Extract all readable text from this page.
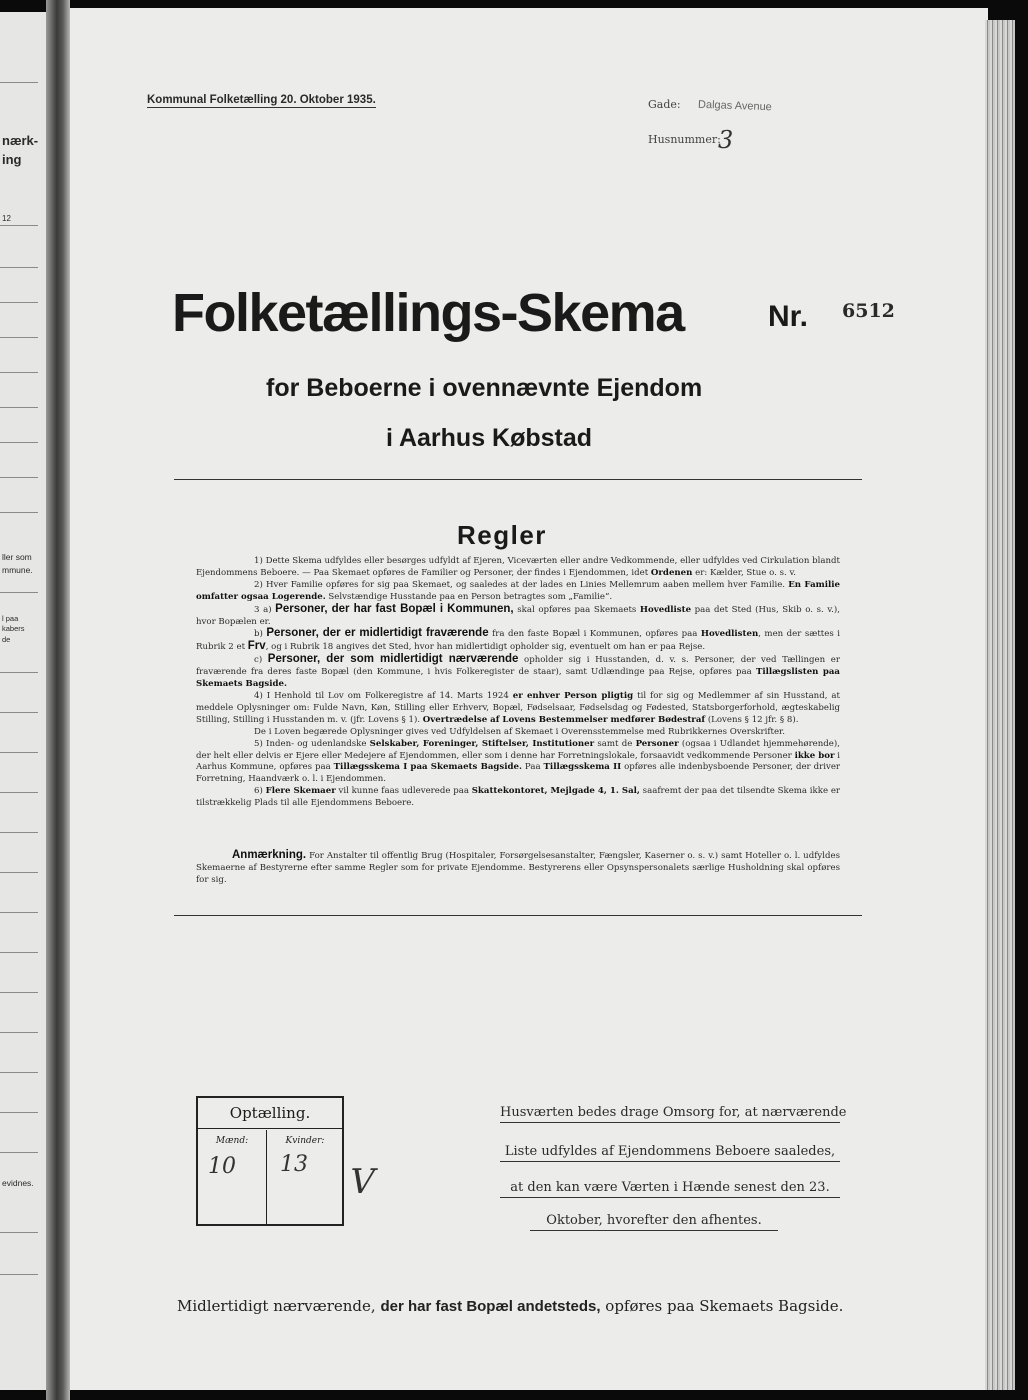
nærk-
ing
12
ller som
mmune.
l paa
kabers
de
evidnes.
Kommunal Folketælling 20. Oktober 1935.	Gade: Dalgas Avenue
Husnummer:
3
Folketællings-Skema	Nr. 6512
for Beboerne i ovennævnte Ejendom
i Aarhus Købstad
Regler

1) Dette Skema udfyldes eller besørges udfyldt af Ejeren, Viceværten eller andre Vedkommende, eller udfyldes ved Cirkulation blandt Ejendommens Beboere. — Paa Skemaet opføres de Familier og Personer, der findes i Ejendommen, idet Ordenen er: Kælder, Stue o. s. v.

2) Hver Familie opføres for sig paa Skemaet, og saaledes at der lades en Linies Mellemrum aaben mellem hver Familie. En Familie omfatter ogsaa Logerende. Selvstændige Husstande paa en Person betragtes som „Familie“.

3 a) Personer, der har fast Bopæl i Kommunen, skal opføres paa Skemaets Hovedliste paa det Sted (Hus, Skib o. s. v.), hvor Bopælen er.

b) Personer, der er midlertidigt fraværende fra den faste Bopæl i Kommunen, opføres paa Hovedlisten, men der sættes i Rubrik 2 et Frv, og i Rubrik 18 angives det Sted, hvor han midlertidigt opholder sig, eventuelt om han er paa Rejse.

c) Personer, der som midlertidigt nærværende opholder sig i Husstanden, d. v. s. Personer, der ved Tællingen er fraværende fra deres faste Bopæl (den Kommune, i hvis Folkeregister de staar), samt Udlændinge paa Rejse, opføres paa Tillægslisten paa Skemaets Bagside.

4) I Henhold til Lov om Folkeregistre af 14. Marts 1924 er enhver Person pligtig til for sig og Medlemmer af sin Husstand, at meddele Oplysninger om: Fulde Navn, Køn, Stilling eller Erhverv, Bopæl, Fødselsaar, Fødselsdag og Fødested, Statsborgerforhold, ægteskabelig Stilling, Stilling i Husstanden m. v. (jfr. Lovens § 1). Overtrædelse af Lovens Bestemmelser medfører Bødestraf (Lovens § 12 jfr. § 8).

De i Loven begærede Oplysninger gives ved Udfyldelsen af Skemaet i Overensstemmelse med Rubrikkernes Overskrifter.

5) Inden- og udenlandske Selskaber, Foreninger, Stiftelser, Institutioner samt de Personer (ogsaa i Udlandet hjemmehørende), der helt eller delvis er Ejere eller Medejere af Ejendommen, eller som i denne har Forretningslokale, forsaavidt vedkommende Personer ikke bor i Aarhus Kommune, opføres paa Tillægsskema I paa Skemaets Bagside. Paa Tillægsskema II opføres alle indenbysboende Personer, der driver Forretning, Haandværk o. l. i Ejendommen.

6) Flere Skemaer vil kunne faas udleverede paa Skattekontoret, Mejlgade 4, 1. Sal, saafremt der paa det tilsendte Skema ikke er tilstrækkelig Plads til alle Ejendommens Beboere.

Anmærkning. For Anstalter til offentlig Brug (Hospitaler, Forsørgelsesanstalter, Fængsler, Kaserner o. s. v.) samt Hoteller o. l. udfyldes Skemaerne af Bestyrerne efter samme Regler som for private Ejendomme. Bestyrerens eller Opsynspersonalets særlige Husholdning skal opføres for sig.

Optælling.
Mænd:
10
Kvinder:
13 V
Husværten bedes drage Omsorg for, at nærværende
Liste udfyldes af Ejendommens Beboere saaledes,
at den kan være Værten i Hænde senest den 23.
Oktober, hvorefter den afhentes.
Midlertidigt nærværende, der har fast Bopæl andetsteds, opføres paa Skemaets Bagside.
